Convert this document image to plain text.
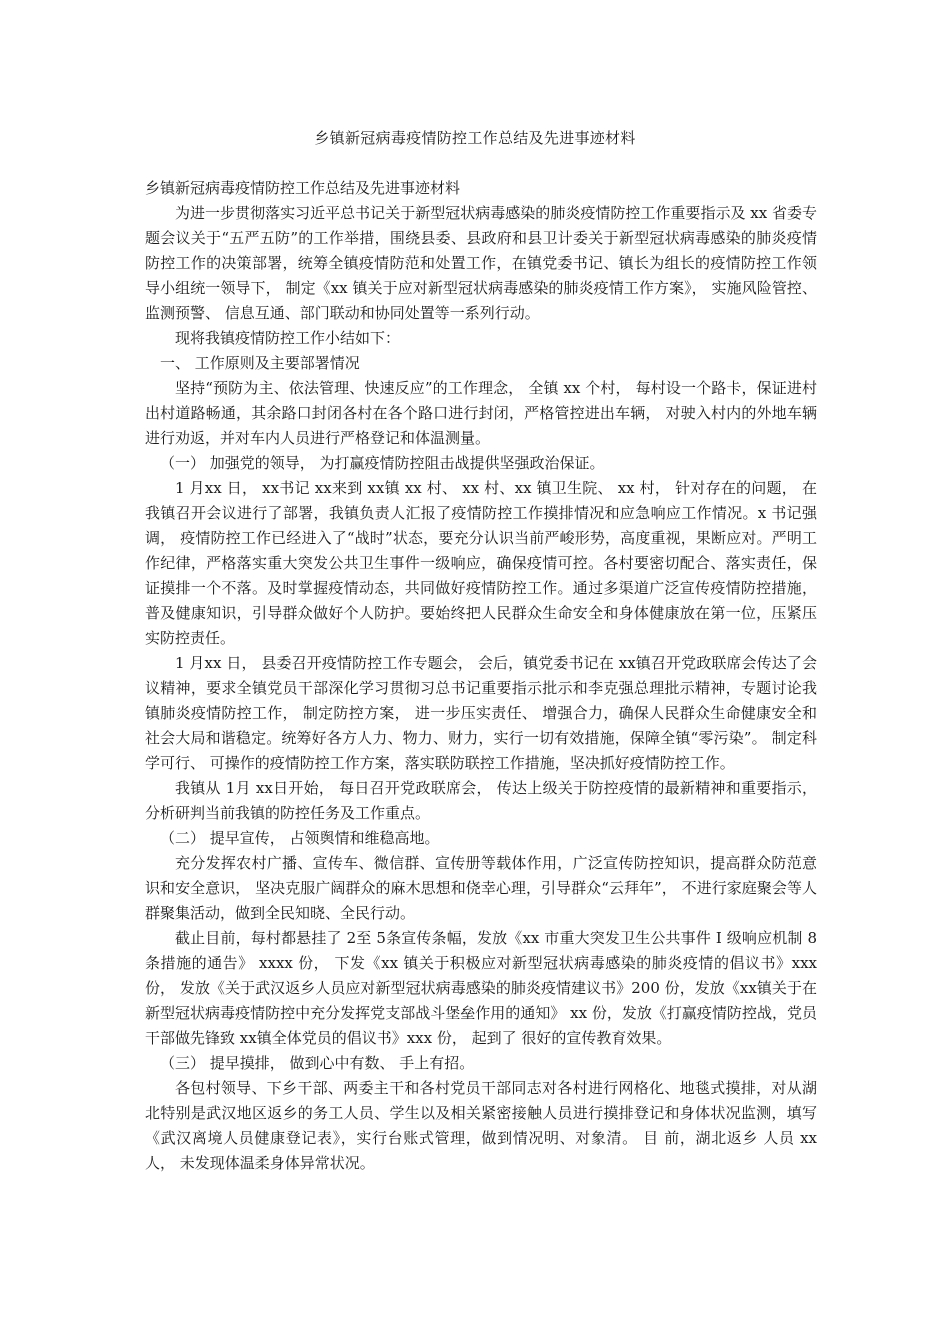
乡镇新冠病毒疫情防控工作总结及先进事迹材料

乡镇新冠病毒疫情防控工作总结及先进事迹材料

为进一步贯彻落实习近平总书记关于新型冠状病毒感染的肺炎疫情防控工作重要指示及 xx 省委专题会议关于“五严五防”的工作举措，围绕县委、县政府和县卫计委关于新型冠状病毒感染的肺炎疫情防控工作的决策部署，统筹全镇疫情防范和处置工作，在镇党委书记、镇长为组长的疫情防控工作领导小组统一领导下， 制定《xx 镇关于应对新型冠状病毒感染的肺炎疫情工作方案》， 实施风险管控、 监测预警、 信息互通、部门联动和协同处置等一系列行动。

现将我镇疫情防控工作小结如下：

一、 工作原则及主要部署情况

坚持“预防为主、依法管理、快速反应”的工作理念， 全镇 xx 个村， 每村设一个路卡，保证进村出村道路畅通，其余路口封闭各村在各个路口进行封闭，严格管控进出车辆， 对驶入村内的外地车辆进行劝返，并对车内人员进行严格登记和体温测量。

（一） 加强党的领导， 为打赢疫情防控阻击战提供坚强政治保证。

1 月xx 日， xx书记 xx来到 xx镇 xx 村、 xx 村、xx 镇卫生院、 xx 村， 针对存在的问题， 在我镇召开会议进行了部署，我镇负责人汇报了疫情防控工作摸排情况和应急响应工作情况。x 书记强调， 疫情防控工作已经进入了“战时”状态，要充分认识当前严峻形势，高度重视，果断应对。严明工作纪律，严格落实重大突发公共卫生事件一级响应，确保疫情可控。各村要密切配合、落实责任，保证摸排一个不落。及时掌握疫情动态，共同做好疫情防控工作。通过多渠道广泛宣传疫情防控措施，普及健康知识，引导群众做好个人防护。要始终把人民群众生命安全和身体健康放在第一位，压紧压实防控责任。

1 月xx 日， 县委召开疫情防控工作专题会， 会后，镇党委书记在 xx镇召开党政联席会传达了会议精神，要求全镇党员干部深化学习贯彻习总书记重要指示批示和李克强总理批示精神，专题讨论我镇肺炎疫情防控工作， 制定防控方案， 进一步压实责任、 增强合力，确保人民群众生命健康安全和社会大局和谐稳定。统筹好各方人力、物力、财力，实行一切有效措施，保障全镇“零污染”。 制定科学可行、 可操作的疫情防控工作方案，落实联防联控工作措施，坚决抓好疫情防控工作。

我镇从 1月 xx日开始， 每日召开党政联席会， 传达上级关于防控疫情的最新精神和重要指示，分析研判当前我镇的防控任务及工作重点。

（二） 提早宣传， 占领舆情和维稳高地。

充分发挥农村广播、宣传车、微信群、宣传册等载体作用，广泛宣传防控知识，提高群众防范意识和安全意识， 坚决克服广阔群众的麻木思想和侥幸心理，引导群众“云拜年”， 不进行家庭聚会等人群聚集活动，做到全民知晓、全民行动。

截止目前，每村都悬挂了 2至 5条宣传条幅，发放《xx 市重大突发卫生公共事件 I 级响应机制 8 条措施的通告》 xxxx 份， 下发《xx 镇关于积极应对新型冠状病毒感染的肺炎疫情的倡议书》xxx 份， 发放《关于武汉返乡人员应对新型冠状病毒感染的肺炎疫情建议书》200 份，发放《xx镇关于在新型冠状病毒疫情防控中充分发挥党支部战斗堡垒作用的通知》 xx 份，发放《打赢疫情防控战，党员干部做先锋致 xx镇全体党员的倡议书》xxx 份， 起到了 很好的宣传教育效果。

（三） 提早摸排， 做到心中有数、 手上有招。

各包村领导、下乡干部、两委主干和各村党员干部同志对各村进行网格化、地毯式摸排，对从湖北特别是武汉地区返乡的务工人员、学生以及相关紧密接触人员进行摸排登记和身体状况监测，填写《武汉离境人员健康登记表》，实行台账式管理，做到情况明、对象清。 目 前，湖北返乡 人员 xx 人， 未发现体温柔身体异常状况。
